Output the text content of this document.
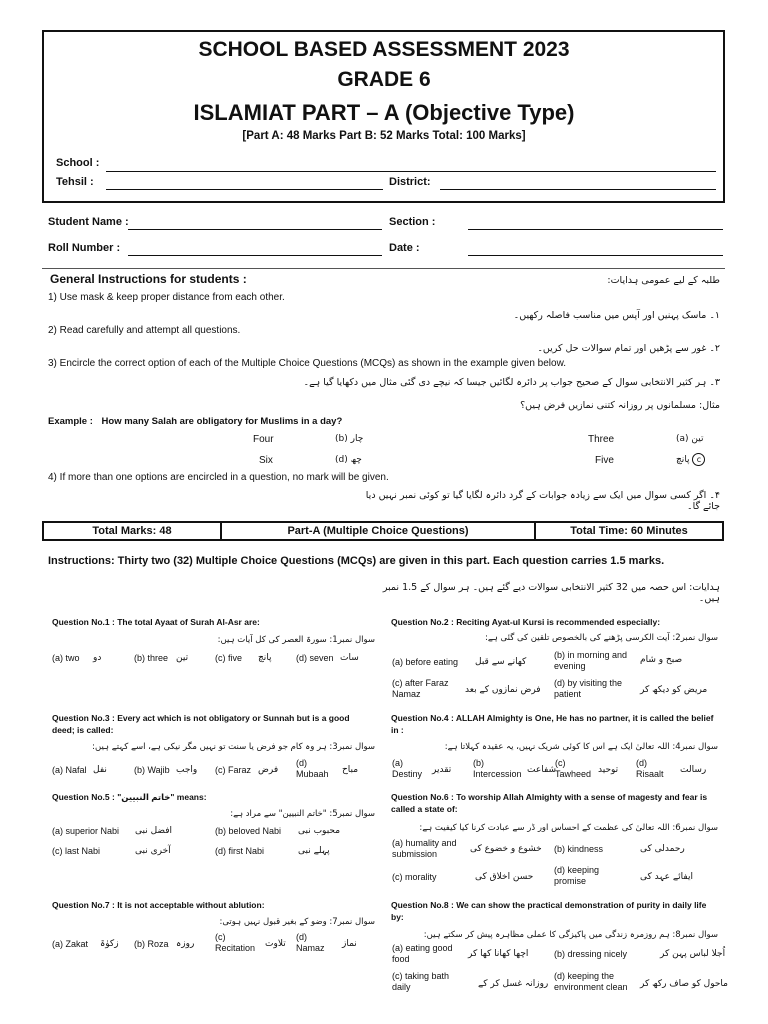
SCHOOL BASED ASSESSMENT 2023
GRADE 6
ISLAMIAT PART – A (Objective Type)
[Part A: 48 Marks Part B: 52 Marks Total: 100 Marks]
School :
Tehsil :	District:
Student Name :	Section :
Roll Number :	Date :
General Instructions for students :	طلبہ کے لیے عمومی ہدایات:
1) Use mask & keep proper distance from each other.
۱۔ ماسک پہنیں اور آپس میں مناسب فاصلہ رکھیں۔
2) Read carefully and attempt all questions.
۲۔ غور سے پڑھیں اور تمام سوالات حل کریں۔
3) Encircle the correct option of each of the Multiple Choice Questions (MCQs) as shown in the example given below.
۳۔ ہر کثیر الانتخابی سوال کے صحیح جواب پر دائرہ لگائیں جیسا کہ نیچے دی گئی مثال میں دکھایا گیا ہے۔
مثال: مسلمانوں پر روزانہ کتنی نمازیں فرض ہیں؟
Example : How many Salah are obligatory for Muslims in a day?
Four	چار (b)	Three	تین (a)
Six	چھ (d)	Five	پانچ c
4) If more than one options are encircled in a question, no mark will be given.
۴۔ اگر کسی سوال میں ایک سے زیادہ جوابات کے گرد دائرہ لگایا گیا تو کوئی نمبر نہیں دیا جائے گا۔
Total Marks: 48	Part-A (Multiple Choice Questions)	Total Time: 60 Minutes
Instructions: Thirty two (32) Multiple Choice Questions (MCQs) are given in this part. Each question carries 1.5 marks.
ہدایات: اس حصہ میں 32 کثیر الانتخابی سوالات دیے گئے ہیں۔ ہر سوال کے 1.5 نمبر ہیں۔
Question No.1 : The total Ayaat of Surah Al-Asr are:
سوال نمبر1: سورۃ العصر کی کل آیات ہیں:
(a) two دو	(b) three تین	(c) five پانچ	(d) seven سات
Question No.2 : Reciting Ayat-ul Kursi is recommended especially:
سوال نمبر2: آیت الکرسی پڑھنے کی بالخصوص تلقین کی گئی ہے:
(a) before eating	کھانے سے قبل
(b) in morning and evening
صبح و شام
(c) after Faraz Namaz	فرض نمازوں کے بعد
(d) by visiting the patient	مریض کو دیکھ کر
Question No.3 : Every act which is not obligatory or Sunnah but is a good deed; is called:
سوال نمبر3: ہر وہ کام جو فرض یا سنت تو نہیں مگر نیکی ہے، اسے کہتے ہیں:
(a) Nafal نفل	(b) Wajib واجب (c) Faraz فرض
(d) Mubaah	مباح
Question No.4 : ALLAH Almighty is One, He has no partner, it is called the belief in :
سوال نمبر4: اللہ تعالیٰ ایک ہے اس کا کوئی شریک نہیں، یہ عقیدہ کہلاتا ہے:
(a) Destiny	تقدیر
(b) Intercession شفاعت
(c) Tawheed توحید
(d) Risaalt	رسالت
Question No.5 : "خاتم النبیین" means:
سوال نمبر5: "خاتم النبیین" سے مراد ہے:
(a) superior Nabi افضل نبی	(b) beloved Nabi محبوب نبی
(c) last Nabi	آخری نبی	(d) first Nabi	پہلے نبی
Question No.6 : To worship Allah Almighty with a sense of magesty and fear is called a state of:
سوال نمبر6: اللہ تعالیٰ کی عظمت کے احساس اور ڈر سے عبادت کرنا کیا کیفیت ہے:
(a) humality and submission	خشوع و خضوع کی (b) kindness	رحمدلی کی
(c) morality	حسن اخلاق کی
(d) keeping promise	ایفائے عہد کی
Question No.7 : It is not acceptable without ablution:
سوال نمبر7: وضو کے بغیر قبول نہیں ہوتی:
(a) Zakat زکوٰۃ (b) Roza روزہ
(c) Recitation	تلاوت
(d) Namaz	نماز
Question No.8 : We can show the practical demonstration of purity in daily life by:
سوال نمبر8: ہم روزمرہ زندگی میں پاکیزگی کا عملی مظاہرہ پیش کر سکتے ہیں:
(a) eating good food	اچھا کھانا کھا کر	(b) dressing nicely	اُجلا لباس پہن کر
(c) taking bath daily	روزانہ غسل کر کے
(d) keeping the environment clean	ماحول کو صاف رکھ کر
